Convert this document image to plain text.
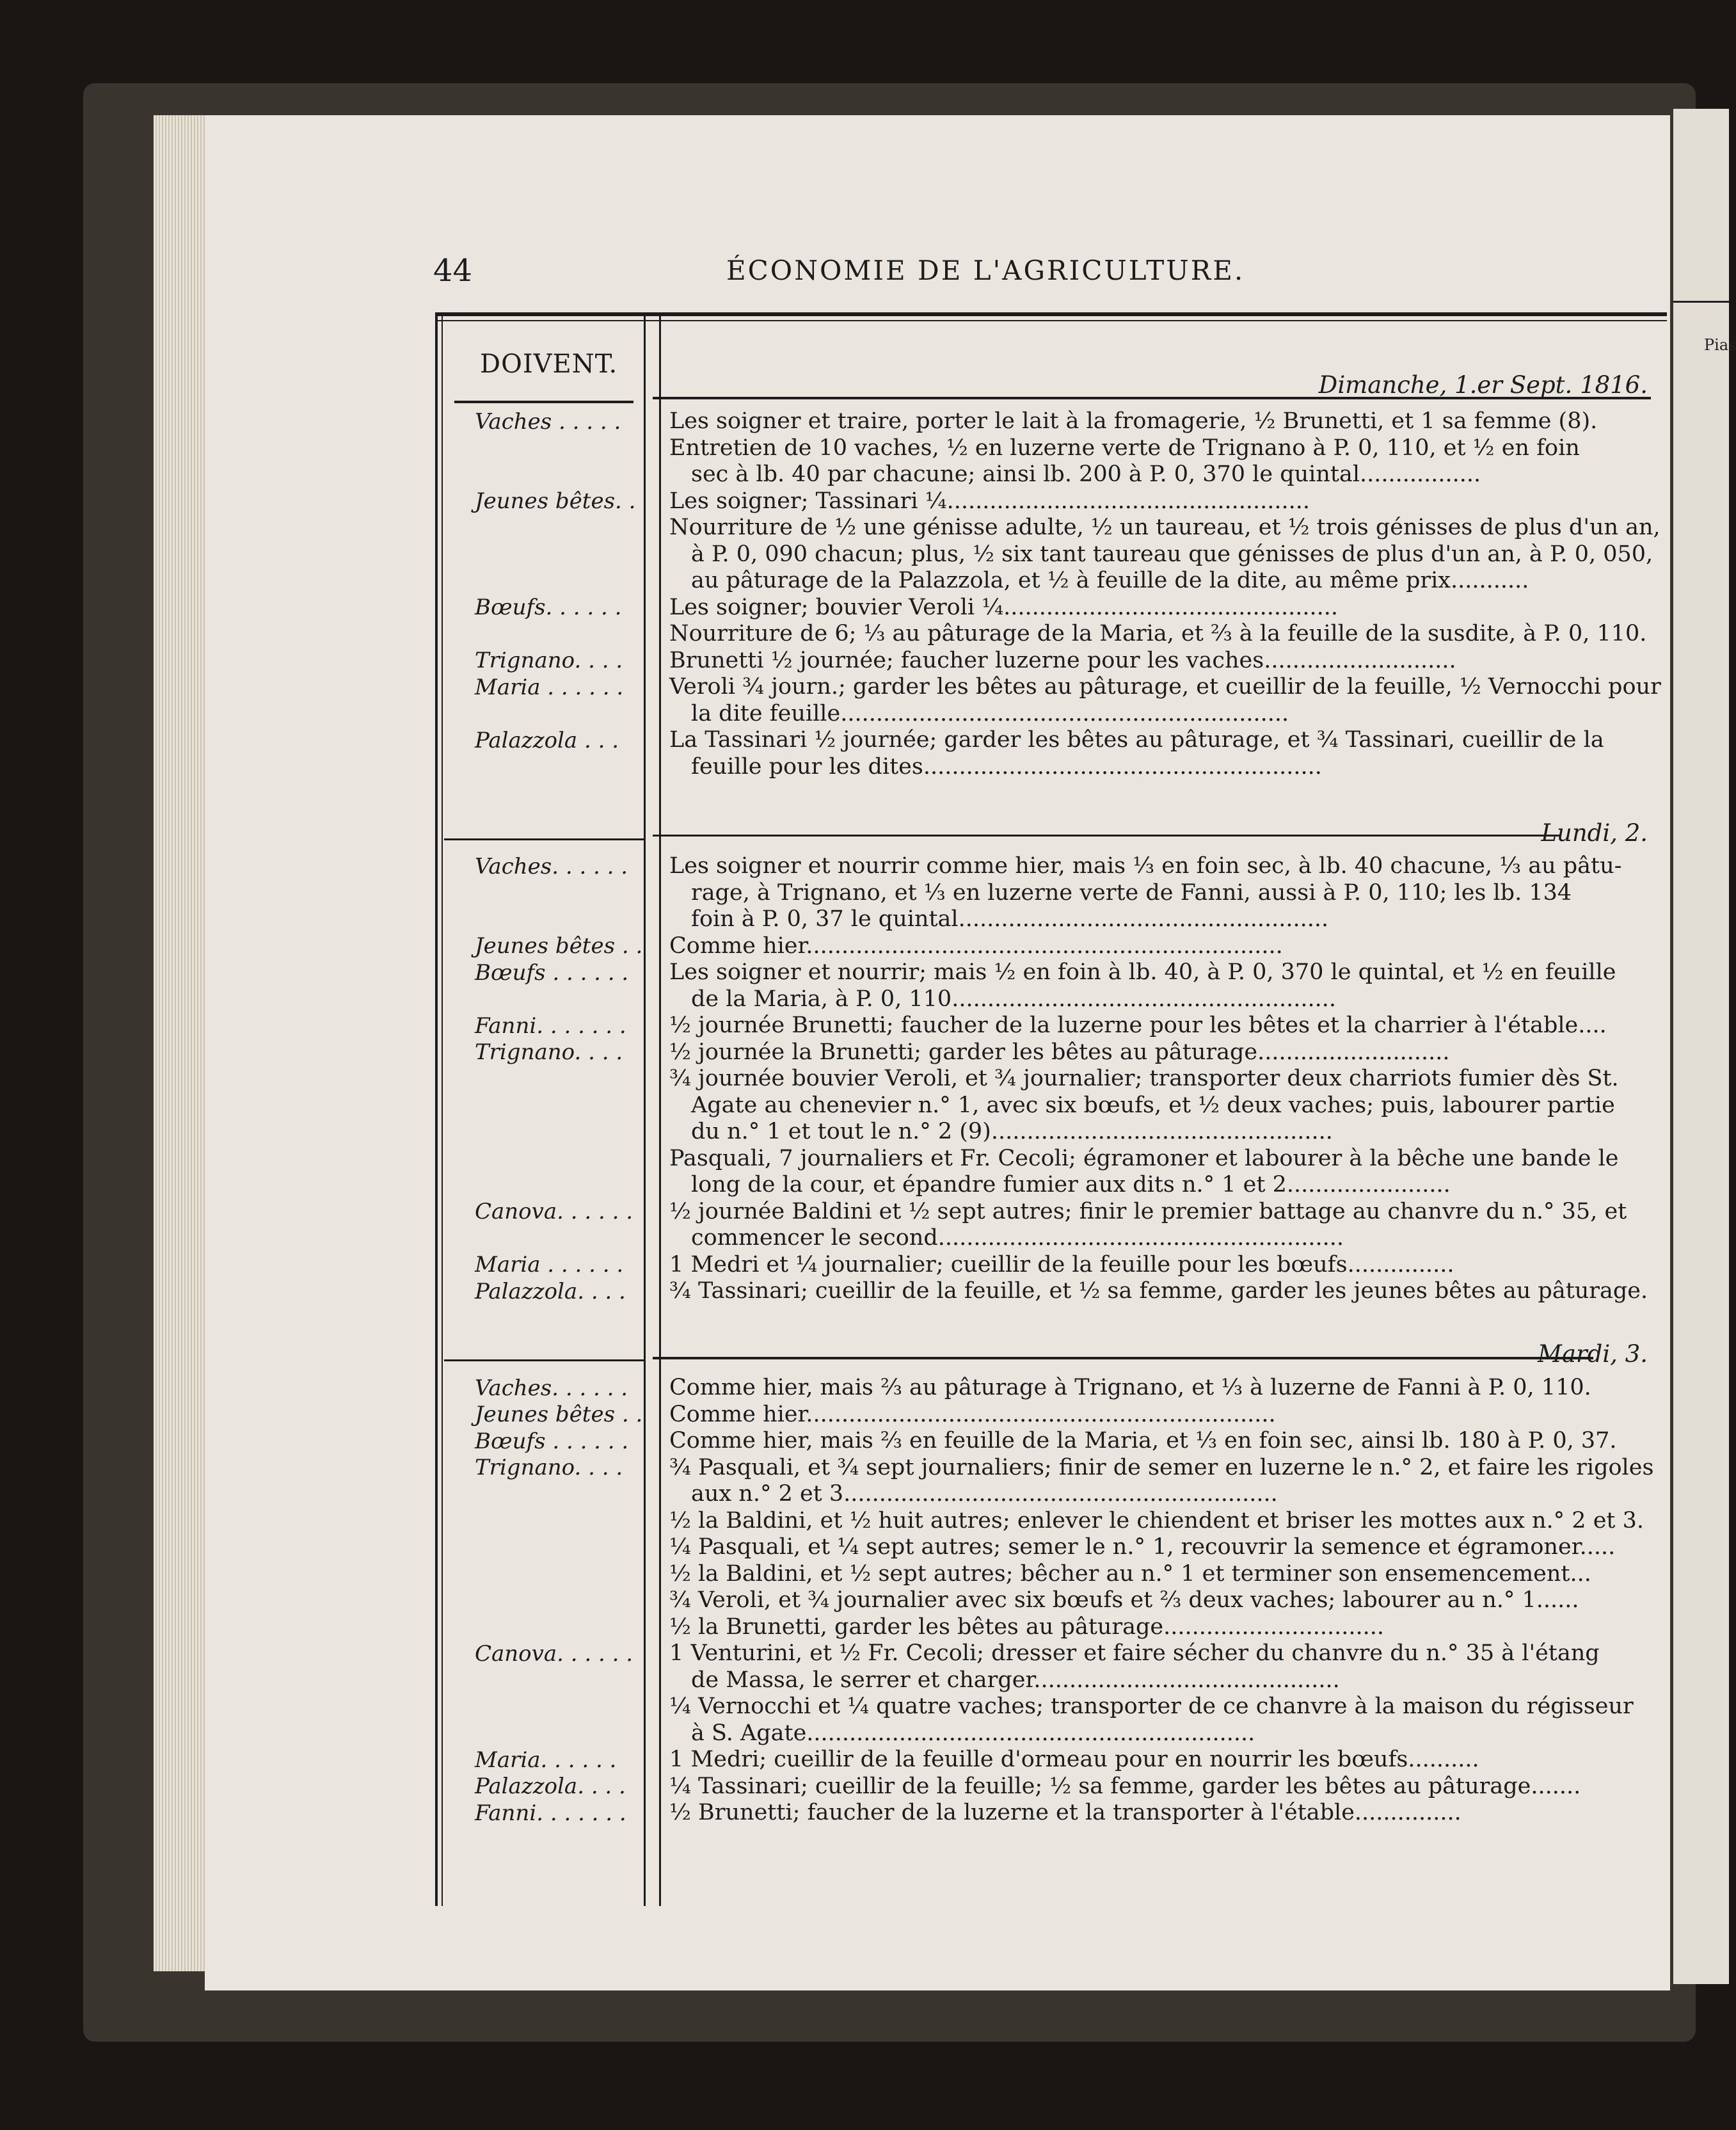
Pias
44	ÉCONOMIE DE L'AGRICULTURE.
DOIVENT.
Dimanche, 1.er Sept. 1816.
Vaches . . . . .
Jeunes bêtes. .
Bœufs. . . . . .
Trignano. . . .
Maria . . . . . .
Palazzola . . .
Les soigner et traire, porter le lait à la fromagerie, ½ Brunetti, et 1 sa femme (8).
Entretien de 10 vaches, ½ en luzerne verte de Trignano à P. 0, 110, et ½ en foin
sec à lb. 40 par chacune; ainsi lb. 200 à P. 0, 370 le quintal.................
Les soigner; Tassinari ¼...................................................
Nourriture de ½ une génisse adulte, ½ un taureau, et ½ trois génisses de plus d'un an,
à P. 0, 090 chacun; plus, ½ six tant taureau que génisses de plus d'un an, à P. 0, 050,
au pâturage de la Palazzola, et ½ à feuille de la dite, au même prix...........
Les soigner; bouvier Veroli ¼...............................................
Nourriture de 6; ⅓ au pâturage de la Maria, et ⅔ à la feuille de la susdite, à P. 0, 110.
Brunetti ½ journée; faucher luzerne pour les vaches...........................
Veroli ¾ journ.; garder les bêtes au pâturage, et cueillir de la feuille, ½ Vernocchi pour
la dite feuille...............................................................
La Tassinari ½ journée; garder les bêtes au pâturage, et ¾ Tassinari, cueillir de la
feuille pour les dites........................................................
Lundi, 2.
Vaches. . . . . .
Jeunes bêtes . .
Bœufs . . . . . .
Fanni. . . . . . .
Trignano. . . .
Canova. . . . . .
Maria . . . . . .
Palazzola. . . .
Les soigner et nourrir comme hier, mais ⅓ en foin sec, à lb. 40 chacune, ⅓ au pâtu-
rage, à Trignano, et ⅓ en luzerne verte de Fanni, aussi à P. 0, 110; les lb. 134
foin à P. 0, 37 le quintal....................................................
Comme hier...................................................................
Les soigner et nourrir; mais ½ en foin à lb. 40, à P. 0, 370 le quintal, et ½ en feuille
de la Maria, à P. 0, 110......................................................
½ journée Brunetti; faucher de la luzerne pour les bêtes et la charrier à l'étable....
½ journée la Brunetti; garder les bêtes au pâturage...........................
¾ journée bouvier Veroli, et ¾ journalier; transporter deux charriots fumier dès St.
Agate au chenevier n.° 1, avec six bœufs, et ½ deux vaches; puis, labourer partie
du n.° 1 et tout le n.° 2 (9)................................................
Pasquali, 7 journaliers et Fr. Cecoli; égramoner et labourer à la bêche une bande le
long de la cour, et épandre fumier aux dits n.° 1 et 2.......................
½ journée Baldini et ½ sept autres; finir le premier battage au chanvre du n.° 35, et
commencer le second.........................................................
1 Medri et ¼ journalier; cueillir de la feuille pour les bœufs...............
¾ Tassinari; cueillir de la feuille, et ½ sa femme, garder les jeunes bêtes au pâturage.
Mardi, 3.
Vaches. . . . . .
Jeunes bêtes . .
Bœufs . . . . . .
Trignano. . . .
Canova. . . . . .
Maria. . . . . .
Palazzola. . . .
Fanni. . . . . . .
Comme hier, mais ⅔ au pâturage à Trignano, et ⅓ à luzerne de Fanni à P. 0, 110.
Comme hier..................................................................
Comme hier, mais ⅔ en feuille de la Maria, et ⅓ en foin sec, ainsi lb. 180 à P. 0, 37.
¾ Pasquali, et ¾ sept journaliers; finir de semer en luzerne le n.° 2, et faire les rigoles
aux n.° 2 et 3.............................................................
½ la Baldini, et ½ huit autres; enlever le chiendent et briser les mottes aux n.° 2 et 3.
¼ Pasquali, et ¼ sept autres; semer le n.° 1, recouvrir la semence et égramoner.....
½ la Baldini, et ½ sept autres; bêcher au n.° 1 et terminer son ensemencement...
¾ Veroli, et ¾ journalier avec six bœufs et ⅔ deux vaches; labourer au n.° 1......
½ la Brunetti, garder les bêtes au pâturage...............................
1 Venturini, et ½ Fr. Cecoli; dresser et faire sécher du chanvre du n.° 35 à l'étang
de Massa, le serrer et charger...........................................
¼ Vernocchi et ¼ quatre vaches; transporter de ce chanvre à la maison du régisseur
à S. Agate...............................................................
1 Medri; cueillir de la feuille d'ormeau pour en nourrir les bœufs..........
¼ Tassinari; cueillir de la feuille; ½ sa femme, garder les bêtes au pâturage.......
½ Brunetti; faucher de la luzerne et la transporter à l'étable...............
